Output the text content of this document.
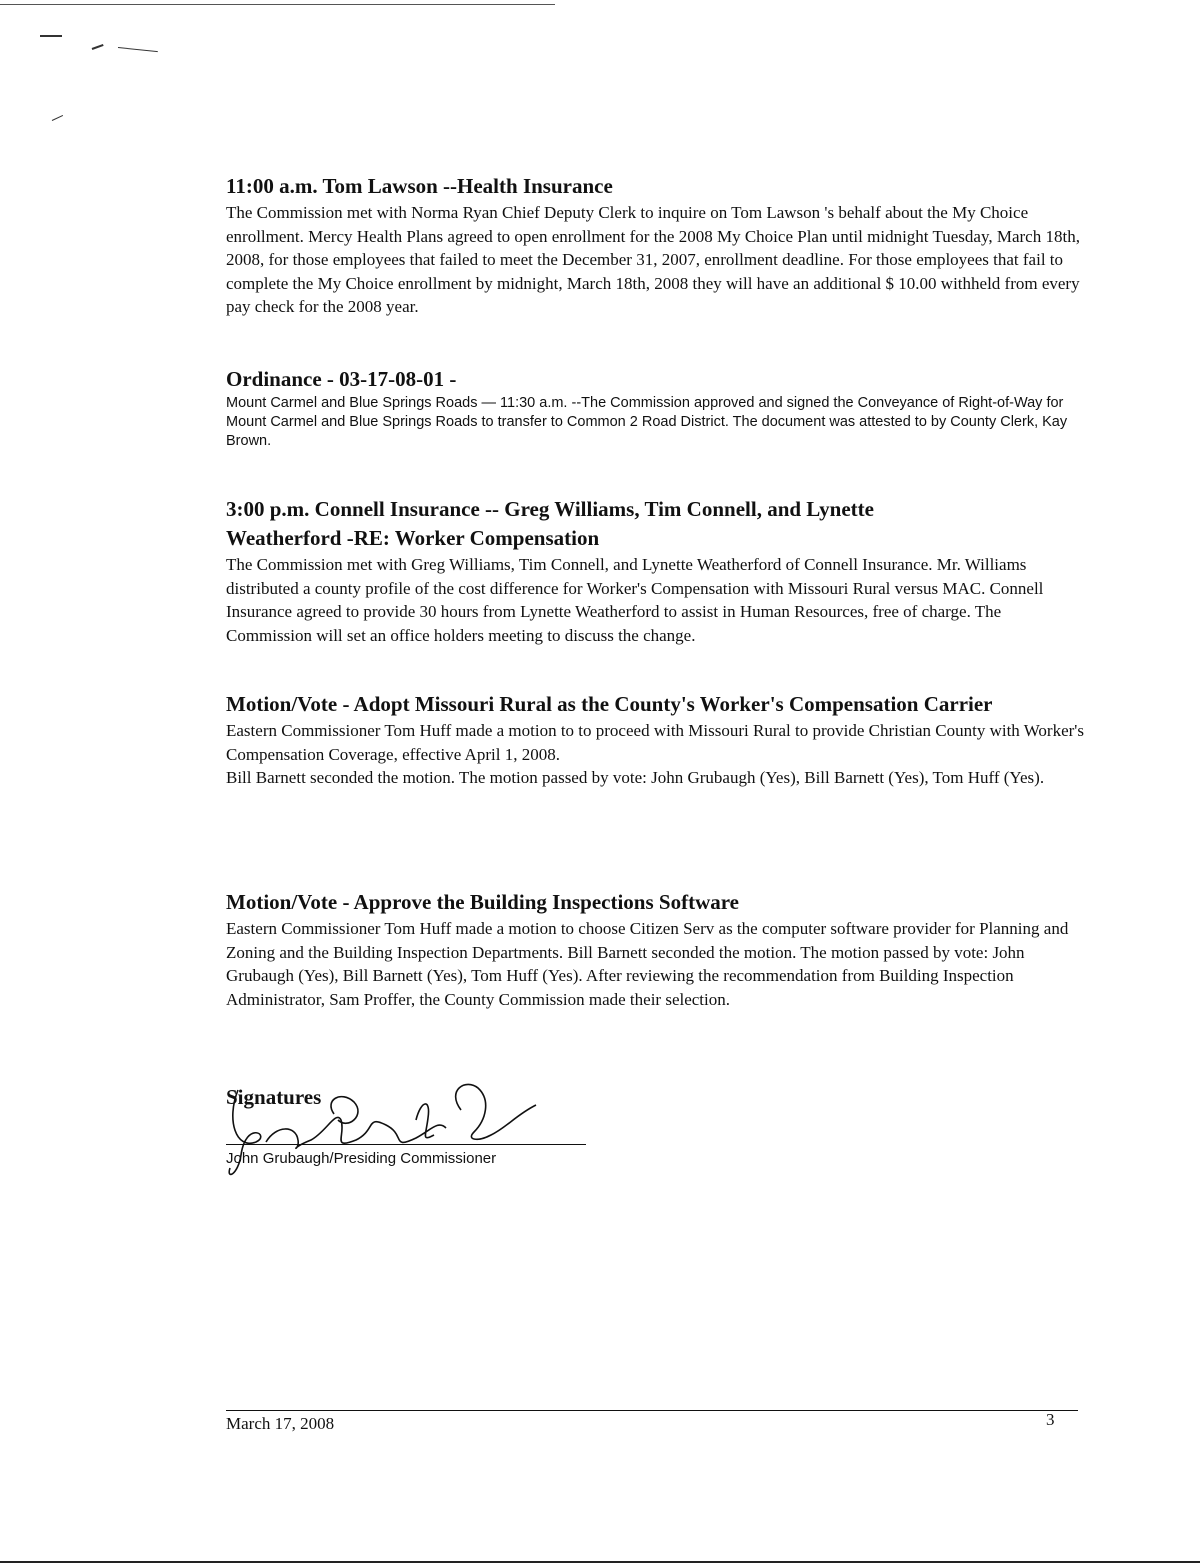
11:00 a.m. Tom Lawson --Health Insurance

The Commission met with Norma Ryan Chief Deputy Clerk to inquire on Tom Lawson 's behalf about the My Choice enrollment. Mercy Health Plans agreed to open enrollment for the 2008 My Choice Plan until midnight Tuesday, March 18th, 2008, for those employees that failed to meet the December 31, 2007, enrollment deadline. For those employees that fail to complete the My Choice enrollment by midnight, March 18th, 2008 they will have an additional $ 10.00 withheld from every pay check for the 2008 year.

Ordinance - 03-17-08-01 -

Mount Carmel and Blue Springs Roads — 11:30 a.m. --The Commission approved and signed the Conveyance of Right-of-Way for Mount Carmel and Blue Springs Roads to transfer to Common 2 Road District. The document was attested to by County Clerk, Kay Brown.

3:00 p.m. Connell Insurance -- Greg Williams, Tim Connell, and Lynette Weatherford -RE: Worker Compensation

The Commission met with Greg Williams, Tim Connell, and Lynette Weatherford of Connell Insurance. Mr. Williams distributed a county profile of the cost difference for Worker's Compensation with Missouri Rural versus MAC. Connell Insurance agreed to provide 30 hours from Lynette Weatherford to assist in Human Resources, free of charge. The Commission will set an office holders meeting to discuss the change.

Motion/Vote - Adopt Missouri Rural as the County's Worker's Compensation Carrier

Eastern Commissioner Tom Huff made a motion to to proceed with Missouri Rural to provide Christian County with Worker's Compensation Coverage, effective April 1, 2008.

Bill Barnett seconded the motion. The motion passed by vote: John Grubaugh (Yes), Bill Barnett (Yes), Tom Huff (Yes).

Motion/Vote - Approve the Building Inspections Software

Eastern Commissioner Tom Huff made a motion to choose Citizen Serv as the computer software provider for Planning and Zoning and the Building Inspection Departments. Bill Barnett seconded the motion. The motion passed by vote: John Grubaugh (Yes), Bill Barnett (Yes), Tom Huff (Yes). After reviewing the recommendation from Building Inspection Administrator, Sam Proffer, the County Commission made their selection.

Signatures
John Grubaugh/Presiding Commissioner
March 17, 2008	3
